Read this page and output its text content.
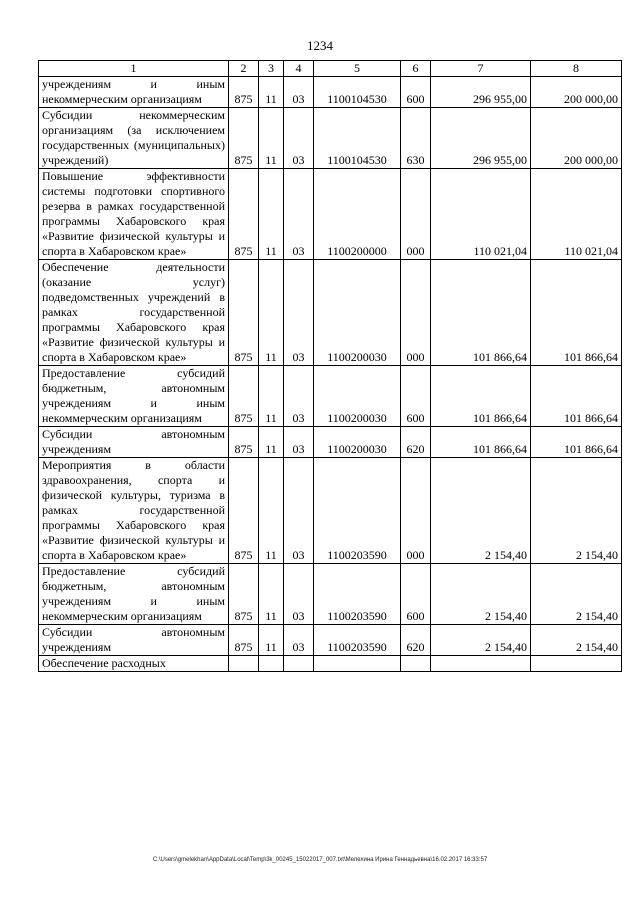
1234
1	2	3	4	5	6	7	8
учреждениям и иным некоммерческим организациям	875	11	03	1100104530	600	296 955,00	200 000,00
Субсидии некоммерческим организациям (за исключением государственных (муниципальных) учреждений)	875	11	03	1100104530	630	296 955,00	200 000,00
Повышение эффективности системы подготовки спортивного резерва в рамках государственной программы Хабаровского края «Развитие физической культуры и спорта в Хабаровском крае»	875	11	03	1100200000	000	110 021,04	110 021,04
Обеспечение деятельности (оказание услуг) подведомственных учреждений в рамках государственной программы Хабаровского края «Развитие физической культуры и спорта в Хабаровском крае»	875	11	03	1100200030	000	101 866,64	101 866,64
Предоставление субсидий бюджетным, автономным учреждениям и иным некоммерческим организациям	875	11	03	1100200030	600	101 866,64	101 866,64
Субсидии автономным учреждениям	875	11	03	1100200030	620	101 866,64	101 866,64
Мероприятия в области здравоохранения, спорта и физической культуры, туризма в рамках государственной программы Хабаровского края «Развитие физической культуры и спорта в Хабаровском крае»	875	11	03	1100203590	000	2 154,40	2 154,40
Предоставление субсидий бюджетным, автономным учреждениям и иным некоммерческим организациям	875	11	03	1100203590	600	2 154,40	2 154,40
Субсидии автономным учреждениям	875	11	03	1100203590	620	2 154,40	2 154,40
Обеспечение расходных							
C:\Users\gmelekhan\AppData\Local\Temp\3k_00245_15022017_007.txt\Мелехина Ирина Геннадьевна\16.02.2017 16:33:57
